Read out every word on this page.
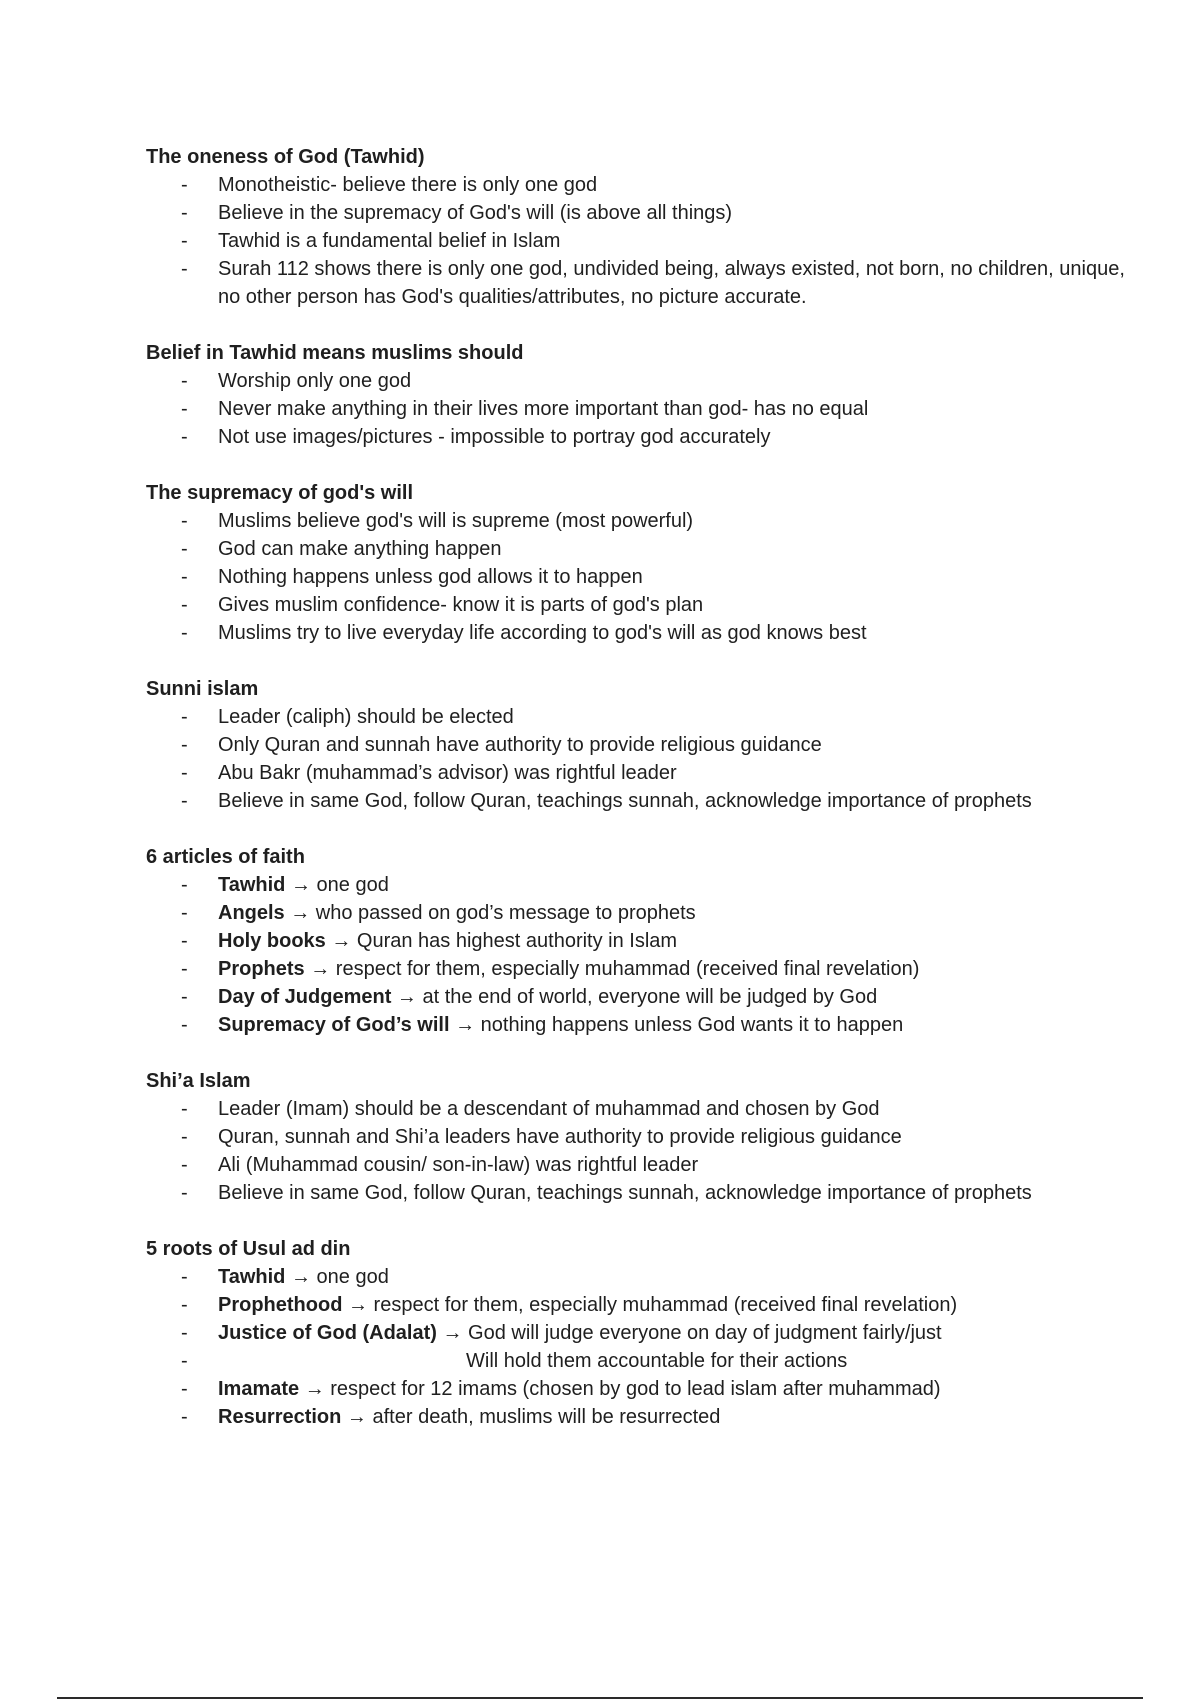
The oneness of God (Tawhid)

- Monotheistic- believe there is only one god
- Believe in the supremacy of God's will (is above all things)
- Tawhid is a fundamental belief in Islam
- Surah 112 shows there is only one god, undivided being, always existed, not born, no children, unique, no other person has God's qualities/attributes, no picture accurate.

Belief in Tawhid means muslims should

- Worship only one god
- Never make anything in their lives more important than god- has no equal
- Not use images/pictures - impossible to portray god accurately

The supremacy of god's will

- Muslims believe god's will is supreme (most powerful)
- God can make anything happen
- Nothing happens unless god allows it to happen
- Gives muslim confidence- know it is parts of god's plan
- Muslims try to live everyday life according to god's will as god knows best

Sunni islam

- Leader (caliph) should be elected
- Only Quran and sunnah have authority to provide religious guidance
- Abu Bakr (muhammad’s advisor) was rightful leader
- Believe in same God, follow Quran, teachings sunnah, acknowledge importance of prophets

6 articles of faith

- Tawhid → one god
- Angels → who passed on god’s message to prophets
- Holy books → Quran has highest authority in Islam
- Prophets → respect for them, especially muhammad (received final revelation)
- Day of Judgement → at the end of world, everyone will be judged by God
- Supremacy of God’s will → nothing happens unless God wants it to happen

Shi’a Islam

- Leader (Imam) should be a descendant of muhammad and chosen by God
- Quran, sunnah and Shi’a leaders have authority to provide religious guidance
- Ali (Muhammad cousin/ son-in-law) was rightful leader
- Believe in same God, follow Quran, teachings sunnah, acknowledge importance of prophets

5 roots of Usul ad din

- Tawhid → one god
- Prophethood → respect for them, especially muhammad (received final revelation)
- Justice of God (Adalat) → God will judge everyone on day of judgment fairly/just
-	Will hold them accountable for their actions
- Imamate → respect for 12 imams (chosen by god to lead islam after muhammad)
- Resurrection → after death, muslims will be resurrected
